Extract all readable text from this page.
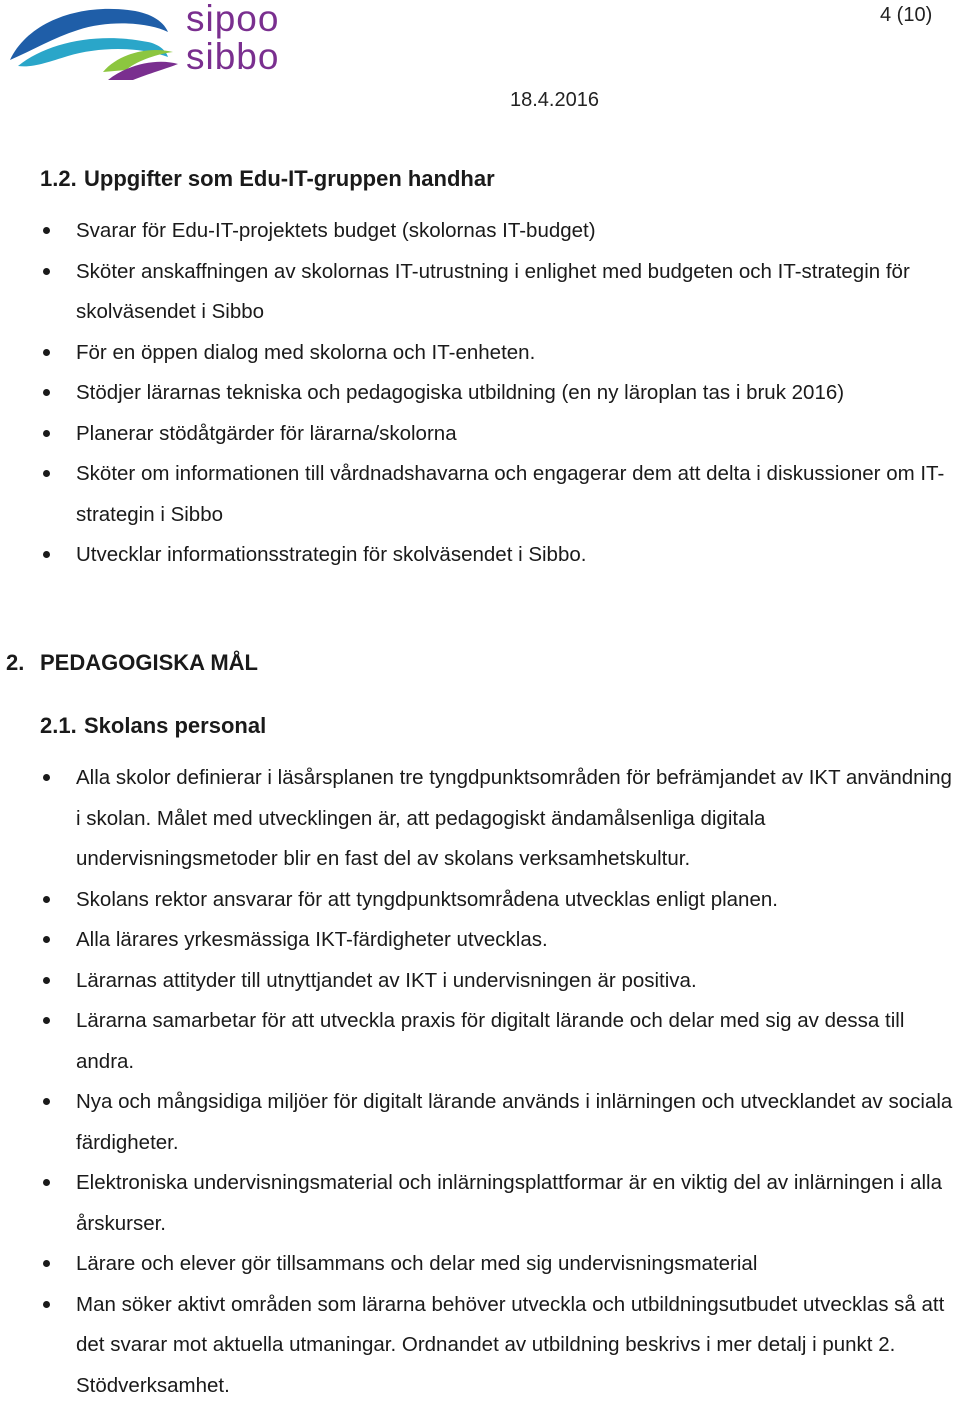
sipoo
sibbo
4 (10)
18.4.2016
1.2. Uppgifter som Edu-IT-gruppen handhar
Svarar för Edu-IT-projektets budget (skolornas IT-budget)
Sköter anskaffningen av skolornas IT-utrustning i enlighet med budgeten och IT-strategin för skolväsendet i Sibbo
För en öppen dialog med skolorna och IT-enheten.
Stödjer lärarnas tekniska och pedagogiska utbildning (en ny läroplan tas i bruk 2016)
Planerar stödåtgärder för lärarna/skolorna
Sköter om informationen till vårdnadshavarna och engagerar dem att delta i diskussioner om IT-strategin i Sibbo
Utvecklar informationsstrategin för skolväsendet i Sibbo.
2. PEDAGOGISKA MÅL
2.1. Skolans personal
Alla skolor definierar i läsårsplanen tre tyngdpunktsområden för befrämjandet av IKT användning i skolan. Målet med utvecklingen är, att pedagogiskt ändamålsenliga digitala undervisningsmetoder blir en fast del av skolans verksamhetskultur.
Skolans rektor ansvarar för att tyngdpunktsområdena utvecklas enligt planen.
Alla lärares yrkesmässiga IKT-färdigheter utvecklas.
Lärarnas attityder till utnyttjandet av IKT i undervisningen är positiva.
Lärarna samarbetar för att utveckla praxis för digitalt lärande och delar med sig av dessa till andra.
Nya och mångsidiga miljöer för digitalt lärande används i inlärningen och utvecklandet av sociala färdigheter.
Elektroniska undervisningsmaterial och inlärningsplattformar är en viktig del av inlärningen i alla årskurser.
Lärare och elever gör tillsammans och delar med sig undervisningsmaterial
Man söker aktivt områden som lärarna behöver utveckla och utbildningsutbudet utvecklas så att det svarar mot aktuella utmaningar. Ordnandet av utbildning beskrivs i mer detalj i punkt 2. Stödverksamhet.
